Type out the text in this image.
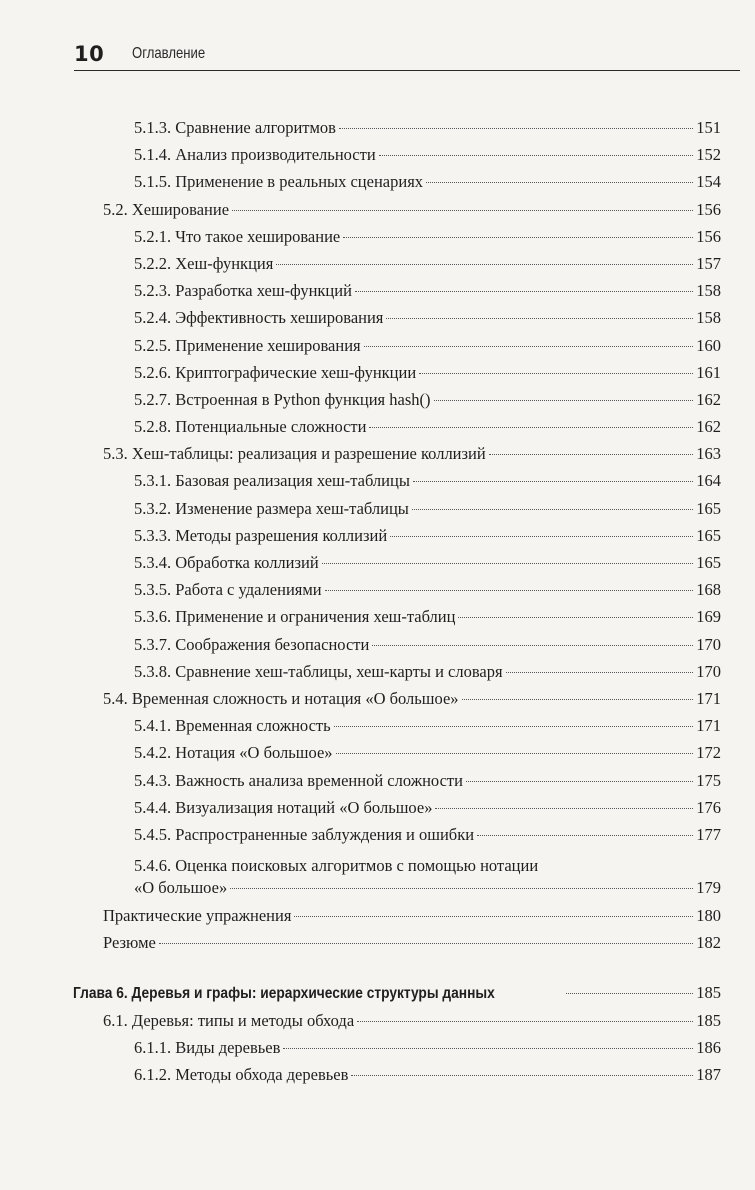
10 Оглавление
5.1.3. Сравнение алгоритмов	151
5.1.4. Анализ производительности	152
5.1.5. Применение в реальных сценариях	154
5.2. Хеширование	156
5.2.1. Что такое хеширование	156
5.2.2. Хеш-функция	157
5.2.3. Разработка хеш-функций	158
5.2.4. Эффективность хеширования	158
5.2.5. Применение хеширования	160
5.2.6. Криптографические хеш-функции	161
5.2.7. Встроенная в Python функция hash()	162
5.2.8. Потенциальные сложности	162
5.3. Хеш-таблицы: реализация и разрешение коллизий	163
5.3.1. Базовая реализация хеш-таблицы	164
5.3.2. Изменение размера хеш-таблицы	165
5.3.3. Методы разрешения коллизий	165
5.3.4. Обработка коллизий	165
5.3.5. Работа с удалениями	168
5.3.6. Применение и ограничения хеш-таблиц	169
5.3.7. Соображения безопасности	170
5.3.8. Сравнение хеш-таблицы, хеш-карты и словаря	170
5.4. Временная сложность и нотация «О большое»	171
5.4.1. Временная сложность	171
5.4.2. Нотация «О большое»	172
5.4.3. Важность анализа временной сложности	175
5.4.4. Визуализация нотаций «О большое»	176
5.4.5. Распространенные заблуждения и ошибки	177
5.4.6. Оценка поисковых алгоритмов с помощью нотации
«О большое»	179
Практические упражнения	180
Резюме	182
Глава 6. Деревья и графы: иерархические структуры данных	185
6.1. Деревья: типы и методы обхода	185
6.1.1. Виды деревьев	186
6.1.2. Методы обхода деревьев	187
